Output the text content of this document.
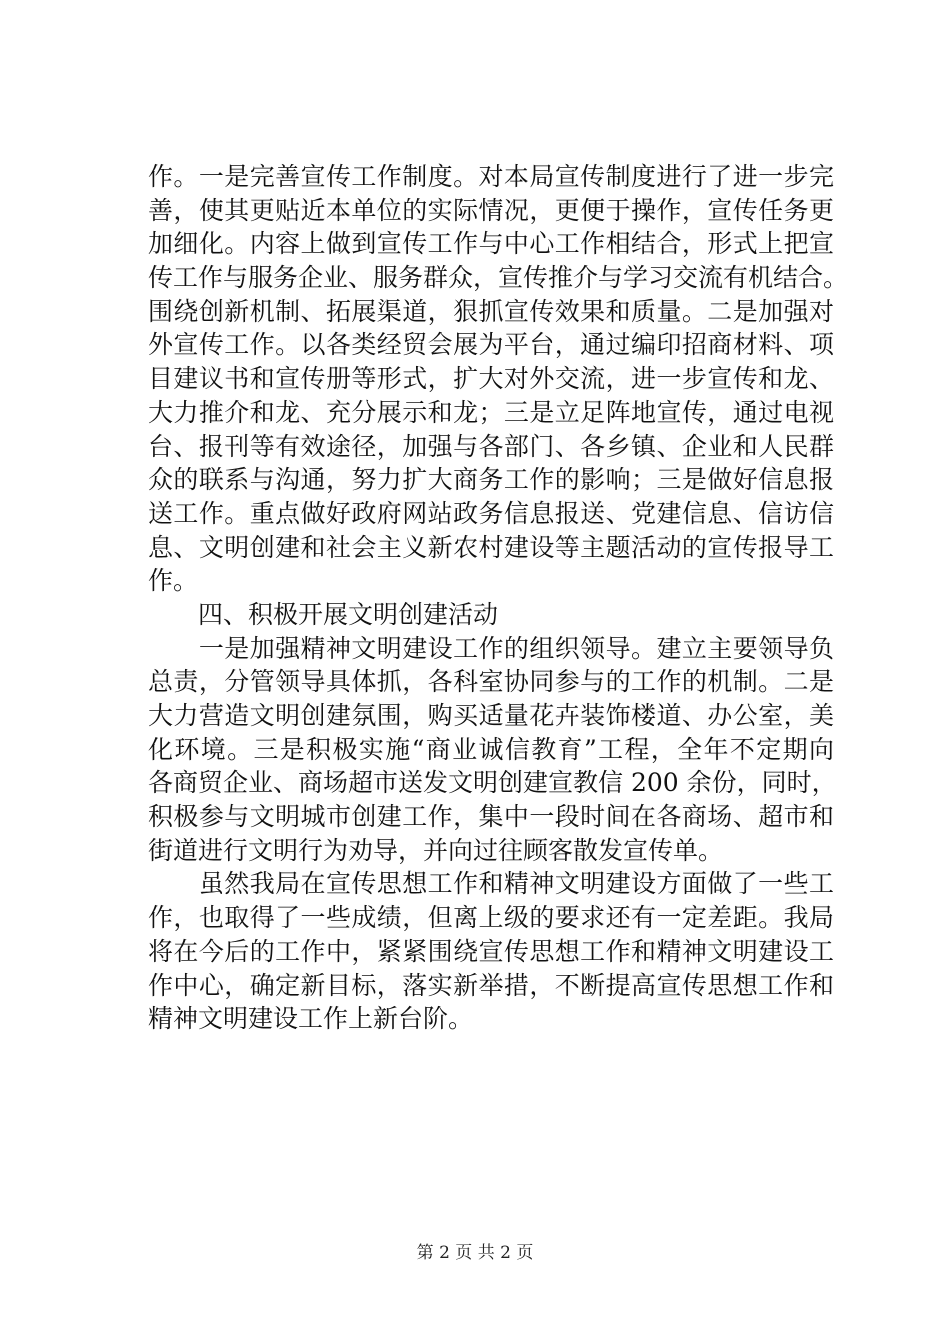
作。一是完善宣传工作制度。对本局宣传制度进行了进一步完
善，使其更贴近本单位的实际情况，更便于操作，宣传任务更
加细化。内容上做到宣传工作与中心工作相结合，形式上把宣
传工作与服务企业、服务群众，宣传推介与学习交流有机结合。
围绕创新机制、拓展渠道，狠抓宣传效果和质量。二是加强对
外宣传工作。以各类经贸会展为平台，通过编印招商材料、项
目建议书和宣传册等形式，扩大对外交流，进一步宣传和龙、
大力推介和龙、充分展示和龙；三是立足阵地宣传，通过电视
台、报刊等有效途径，加强与各部门、各乡镇、企业和人民群
众的联系与沟通，努力扩大商务工作的影响；三是做好信息报
送工作。重点做好政府网站政务信息报送、党建信息、信访信
息、文明创建和社会主义新农村建设等主题活动的宣传报导工
作。
　　四、积极开展文明创建活动
　　一是加强精神文明建设工作的组织领导。建立主要领导负
总责，分管领导具体抓，各科室协同参与的工作的机制。二是
大力营造文明创建氛围，购买适量花卉装饰楼道、办公室，美
化环境。三是积极实施“商业诚信教育”工程，全年不定期向
各商贸企业、商场超市送发文明创建宣教信 200 余份，同时，
积极参与文明城市创建工作，集中一段时间在各商场、超市和
街道进行文明行为劝导，并向过往顾客散发宣传单。
　　虽然我局在宣传思想工作和精神文明建设方面做了一些工
作，也取得了一些成绩，但离上级的要求还有一定差距。我局
将在今后的工作中，紧紧围绕宣传思想工作和精神文明建设工
作中心，确定新目标，落实新举措，不断提高宣传思想工作和
精神文明建设工作上新台阶。
第 2 页 共 2 页
